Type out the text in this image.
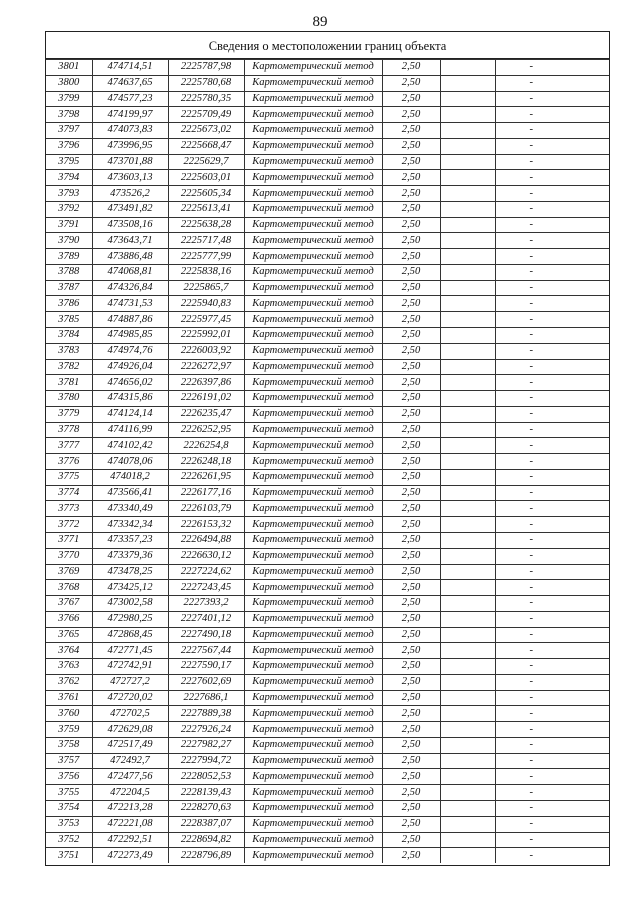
89
Сведения о местоположении границ объекта
3801	474714,51	2225787,98	Картометрический метод	2,50		-
3800	474637,65	2225780,68	Картометрический метод	2,50		-
3799	474577,23	2225780,35	Картометрический метод	2,50		-
3798	474199,97	2225709,49	Картометрический метод	2,50		-
3797	474073,83	2225673,02	Картометрический метод	2,50		-
3796	473996,95	2225668,47	Картометрический метод	2,50		-
3795	473701,88	2225629,7	Картометрический метод	2,50		-
3794	473603,13	2225603,01	Картометрический метод	2,50		-
3793	473526,2	2225605,34	Картометрический метод	2,50		-
3792	473491,82	2225613,41	Картометрический метод	2,50		-
3791	473508,16	2225638,28	Картометрический метод	2,50		-
3790	473643,71	2225717,48	Картометрический метод	2,50		-
3789	473886,48	2225777,99	Картометрический метод	2,50		-
3788	474068,81	2225838,16	Картометрический метод	2,50		-
3787	474326,84	2225865,7	Картометрический метод	2,50		-
3786	474731,53	2225940,83	Картометрический метод	2,50		-
3785	474887,86	2225977,45	Картометрический метод	2,50		-
3784	474985,85	2225992,01	Картометрический метод	2,50		-
3783	474974,76	2226003,92	Картометрический метод	2,50		-
3782	474926,04	2226272,97	Картометрический метод	2,50		-
3781	474656,02	2226397,86	Картометрический метод	2,50		-
3780	474315,86	2226191,02	Картометрический метод	2,50		-
3779	474124,14	2226235,47	Картометрический метод	2,50		-
3778	474116,99	2226252,95	Картометрический метод	2,50		-
3777	474102,42	2226254,8	Картометрический метод	2,50		-
3776	474078,06	2226248,18	Картометрический метод	2,50		-
3775	474018,2	2226261,95	Картометрический метод	2,50		-
3774	473566,41	2226177,16	Картометрический метод	2,50		-
3773	473340,49	2226103,79	Картометрический метод	2,50		-
3772	473342,34	2226153,32	Картометрический метод	2,50		-
3771	473357,23	2226494,88	Картометрический метод	2,50		-
3770	473379,36	2226630,12	Картометрический метод	2,50		-
3769	473478,25	2227224,62	Картометрический метод	2,50		-
3768	473425,12	2227243,45	Картометрический метод	2,50		-
3767	473002,58	2227393,2	Картометрический метод	2,50		-
3766	472980,25	2227401,12	Картометрический метод	2,50		-
3765	472868,45	2227490,18	Картометрический метод	2,50		-
3764	472771,45	2227567,44	Картометрический метод	2,50		-
3763	472742,91	2227590,17	Картометрический метод	2,50		-
3762	472727,2	2227602,69	Картометрический метод	2,50		-
3761	472720,02	2227686,1	Картометрический метод	2,50		-
3760	472702,5	2227889,38	Картометрический метод	2,50		-
3759	472629,08	2227926,24	Картометрический метод	2,50		-
3758	472517,49	2227982,27	Картометрический метод	2,50		-
3757	472492,7	2227994,72	Картометрический метод	2,50		-
3756	472477,56	2228052,53	Картометрический метод	2,50		-
3755	472204,5	2228139,43	Картометрический метод	2,50		-
3754	472213,28	2228270,63	Картометрический метод	2,50		-
3753	472221,08	2228387,07	Картометрический метод	2,50		-
3752	472292,51	2228694,82	Картометрический метод	2,50		-
3751	472273,49	2228796,89	Картометрический метод	2,50		-
